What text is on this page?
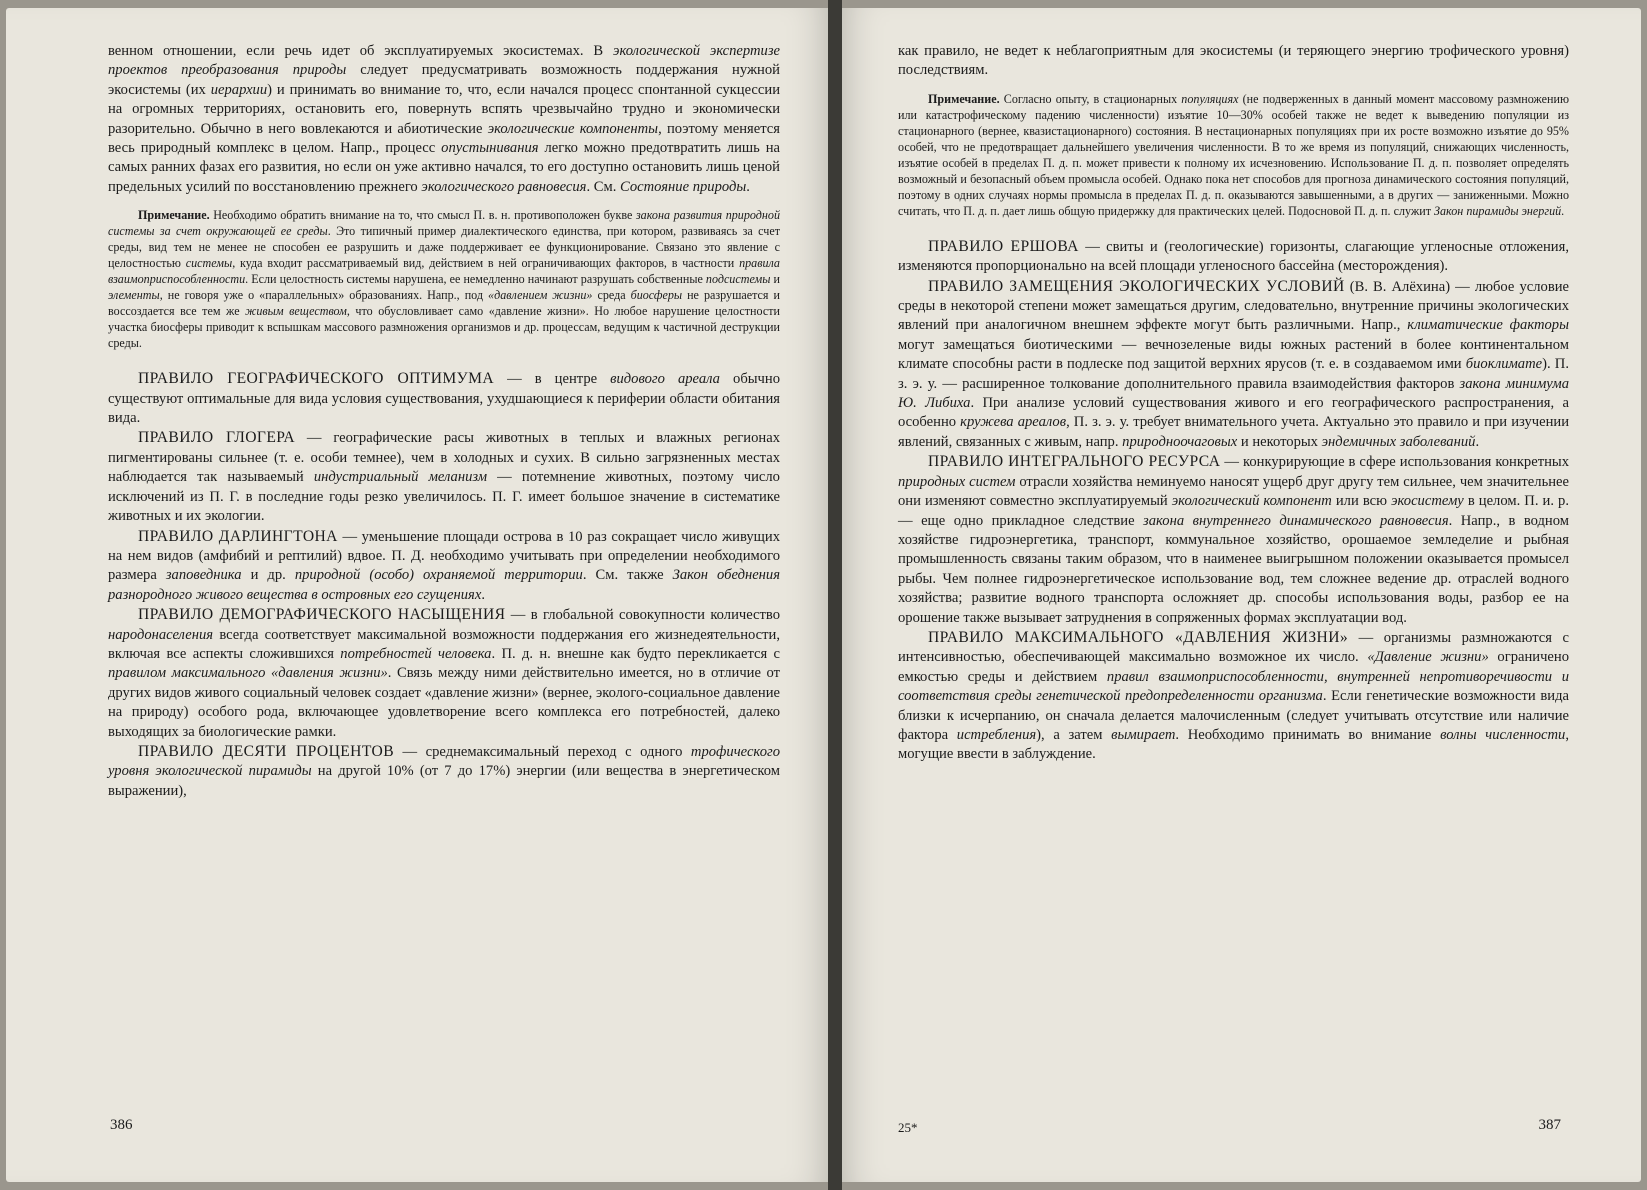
венном отношении, если речь идет об эксплуатируемых экосистемах. В экологической экспертизе проектов преобразования природы следует предусматривать возможность поддержания нужной экосистемы (их иерархии) и принимать во внимание то, что, если начался процесс спонтанной сукцессии на огромных территориях, остановить его, повернуть вспять чрезвычайно трудно и экономически разорительно. Обычно в него вовлекаются и абиотические экологические компоненты, поэтому меняется весь природный комплекс в целом. Напр., процесс опустынивания легко можно предотвратить лишь на самых ранних фазах его развития, но если он уже активно начался, то его доступно остановить лишь ценой предельных усилий по восстановлению прежнего экологического равновесия. См. Состояние природы.

Примечание. Необходимо обратить внимание на то, что смысл П. в. н. противоположен букве закона развития природной системы за счет окружающей ее среды. Это типичный пример диалектического единства, при котором, развиваясь за счет среды, вид тем не менее не способен ее разрушить и даже поддерживает ее функционирование. Связано это явление с целостностью системы, куда входит рассматриваемый вид, действием в ней ограничивающих факторов, в частности правила взаимоприспособленности. Если целостность системы нарушена, ее немедленно начинают разрушать собственные подсистемы и элементы, не говоря уже о «параллельных» образованиях. Напр., под «давлением жизни» среда биосферы не разрушается и воссоздается все тем же живым веществом, что обусловливает само «давление жизни». Но любое нарушение целостности участка биосферы приводит к вспышкам массового размножения организмов и др. процессам, ведущим к частичной деструкции среды.

ПРАВИЛО ГЕОГРАФИЧЕСКОГО ОПТИМУМА — в центре видового ареала обычно существуют оптимальные для вида условия существования, ухудшающиеся к периферии области обитания вида.

ПРАВИЛО ГЛОГЕРА — географические расы животных в теплых и влажных регионах пигментированы сильнее (т. е. особи темнее), чем в холодных и сухих. В сильно загрязненных местах наблюдается так называемый индустриальный меланизм — потемнение животных, поэтому число исключений из П. Г. в последние годы резко увеличилось. П. Г. имеет большое значение в систематике животных и их экологии.

ПРАВИЛО ДАРЛИНГТОНА — уменьшение площади острова в 10 раз сокращает число живущих на нем видов (амфибий и рептилий) вдвое. П. Д. необходимо учитывать при определении необходимого размера заповедника и др. природной (особо) охраняемой территории. См. также Закон обеднения разнородного живого вещества в островных его сгущениях.

ПРАВИЛО ДЕМОГРАФИЧЕСКОГО НАСЫЩЕНИЯ — в глобальной совокупности количество народонаселения всегда соответствует максимальной возможности поддержания его жизнедеятельности, включая все аспекты сложившихся потребностей человека. П. д. н. внешне как будто перекликается с правилом максимального «давления жизни». Связь между ними действительно имеется, но в отличие от других видов живого социальный человек создает «давление жизни» (вернее, эколого-социальное давление на природу) особого рода, включающее удовлетворение всего комплекса его потребностей, далеко выходящих за биологические рамки.

ПРАВИЛО ДЕСЯТИ ПРОЦЕНТОВ — среднемаксимальный переход с одного трофического уровня экологической пирамиды на другой 10% (от 7 до 17%) энергии (или вещества в энергетическом выражении),

386

как правило, не ведет к неблагоприятным для экосистемы (и теряющего энергию трофического уровня) последствиям.

Примечание. Согласно опыту, в стационарных популяциях (не подверженных в данный момент массовому размножению или катастрофическому падению численности) изъятие 10—30% особей также не ведет к выведению популяции из стационарного (вернее, квазистационарного) состояния. В нестационарных популяциях при их росте возможно изъятие до 95% особей, что не предотвращает дальнейшего увеличения численности. В то же время из популяций, снижающих численность, изъятие особей в пределах П. д. п. может привести к полному их исчезновению. Использование П. д. п. позволяет определять возможный и безопасный объем промысла особей. Однако пока нет способов для прогноза динамического состояния популяций, поэтому в одних случаях нормы промысла в пределах П. д. п. оказываются завышенными, а в других — заниженными. Можно считать, что П. д. п. дает лишь общую придержку для практических целей. Подосновой П. д. п. служит Закон пирамиды энергий.

ПРАВИЛО ЕРШОВА — свиты и (геологические) горизонты, слагающие угленосные отложения, изменяются пропорционально на всей площади угленосного бассейна (месторождения).

ПРАВИЛО ЗАМЕЩЕНИЯ ЭКОЛОГИЧЕСКИХ УСЛОВИЙ (В. В. Алёхина) — любое условие среды в некоторой степени может замещаться другим, следовательно, внутренние причины экологических явлений при аналогичном внешнем эффекте могут быть различными. Напр., климатические факторы могут замещаться биотическими — вечнозеленые виды южных растений в более континентальном климате способны расти в подлеске под защитой верхних ярусов (т. е. в создаваемом ими биоклимате). П. з. э. у. — расширенное толкование дополнительного правила взаимодействия факторов закона минимума Ю. Либиха. При анализе условий существования живого и его географического распространения, а особенно кружева ареалов, П. з. э. у. требует внимательного учета. Актуально это правило и при изучении явлений, связанных с живым, напр. природноочаговых и некоторых эндемичных заболеваний.

ПРАВИЛО ИНТЕГРАЛЬНОГО РЕСУРСА — конкурирующие в сфере использования конкретных природных систем отрасли хозяйства неминуемо наносят ущерб друг другу тем сильнее, чем значительнее они изменяют совместно эксплуатируемый экологический компонент или всю экосистему в целом. П. и. р. — еще одно прикладное следствие закона внутреннего динамического равновесия. Напр., в водном хозяйстве гидроэнергетика, транспорт, коммунальное хозяйство, орошаемое земледелие и рыбная промышленность связаны таким образом, что в наименее выигрышном положении оказывается промысел рыбы. Чем полнее гидроэнергетическое использование вод, тем сложнее ведение др. отраслей водного хозяйства; развитие водного транспорта осложняет др. способы использования воды, разбор ее на орошение также вызывает затруднения в сопряженных формах эксплуатации вод.

ПРАВИЛО МАКСИМАЛЬНОГО «ДАВЛЕНИЯ ЖИЗНИ» — организмы размножаются с интенсивностью, обеспечивающей максимально возможное их число. «Давление жизни» ограничено емкостью среды и действием правил взаимоприспособленности, внутренней непротиворечивости и соответствия среды генетической предопределенности организма. Если генетические возможности вида близки к исчерпанию, он сначала делается малочисленным (следует учитывать отсутствие или наличие фактора истребления), а затем вымирает. Необходимо принимать во внимание волны численности, могущие ввести в заблуждение.

25*	387
